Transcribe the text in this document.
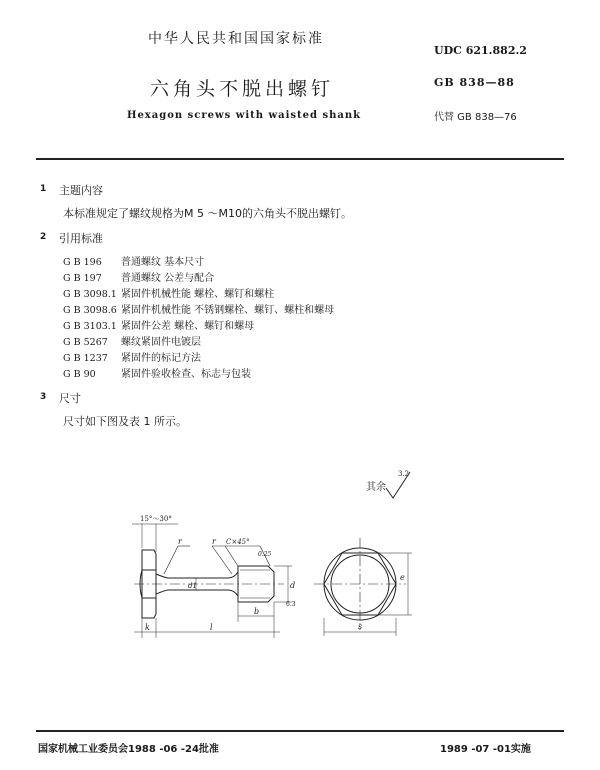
中华人民共和国国家标准
UDC 621.882.2
六角头不脱出螺钉	GB 838—88
Hexagon screws with waisted shank	代替 GB 838—76
1 主题内容
本标准规定了螺纹规格为M 5 ～M10的六角头不脱出螺钉。
2 引用标准
G B 196 普通螺纹 基本尺寸
G B 197 普通螺纹 公差与配合
G B 3098.1 紧固件机械性能 螺栓、螺钉和螺柱
G B 3098.6 紧固件机械性能 不锈钢螺栓、螺钉、螺柱和螺母
G B 3103.1 紧固件公差 螺栓、螺钉和螺母
G B 5267 螺纹紧固件电镀层
G B 1237 紧固件的标记方法
G B 90	紧固件验收检查、标志与包装
3 尺寸
尺寸如下图及表 1 所示。
其余
3.2
15°～30°
r	r C×45°
0.25
d1	d
b
6.3
k	l
e
s
国家机械工业委员会1988 -06 -24批准	1989 -07 -01实施
